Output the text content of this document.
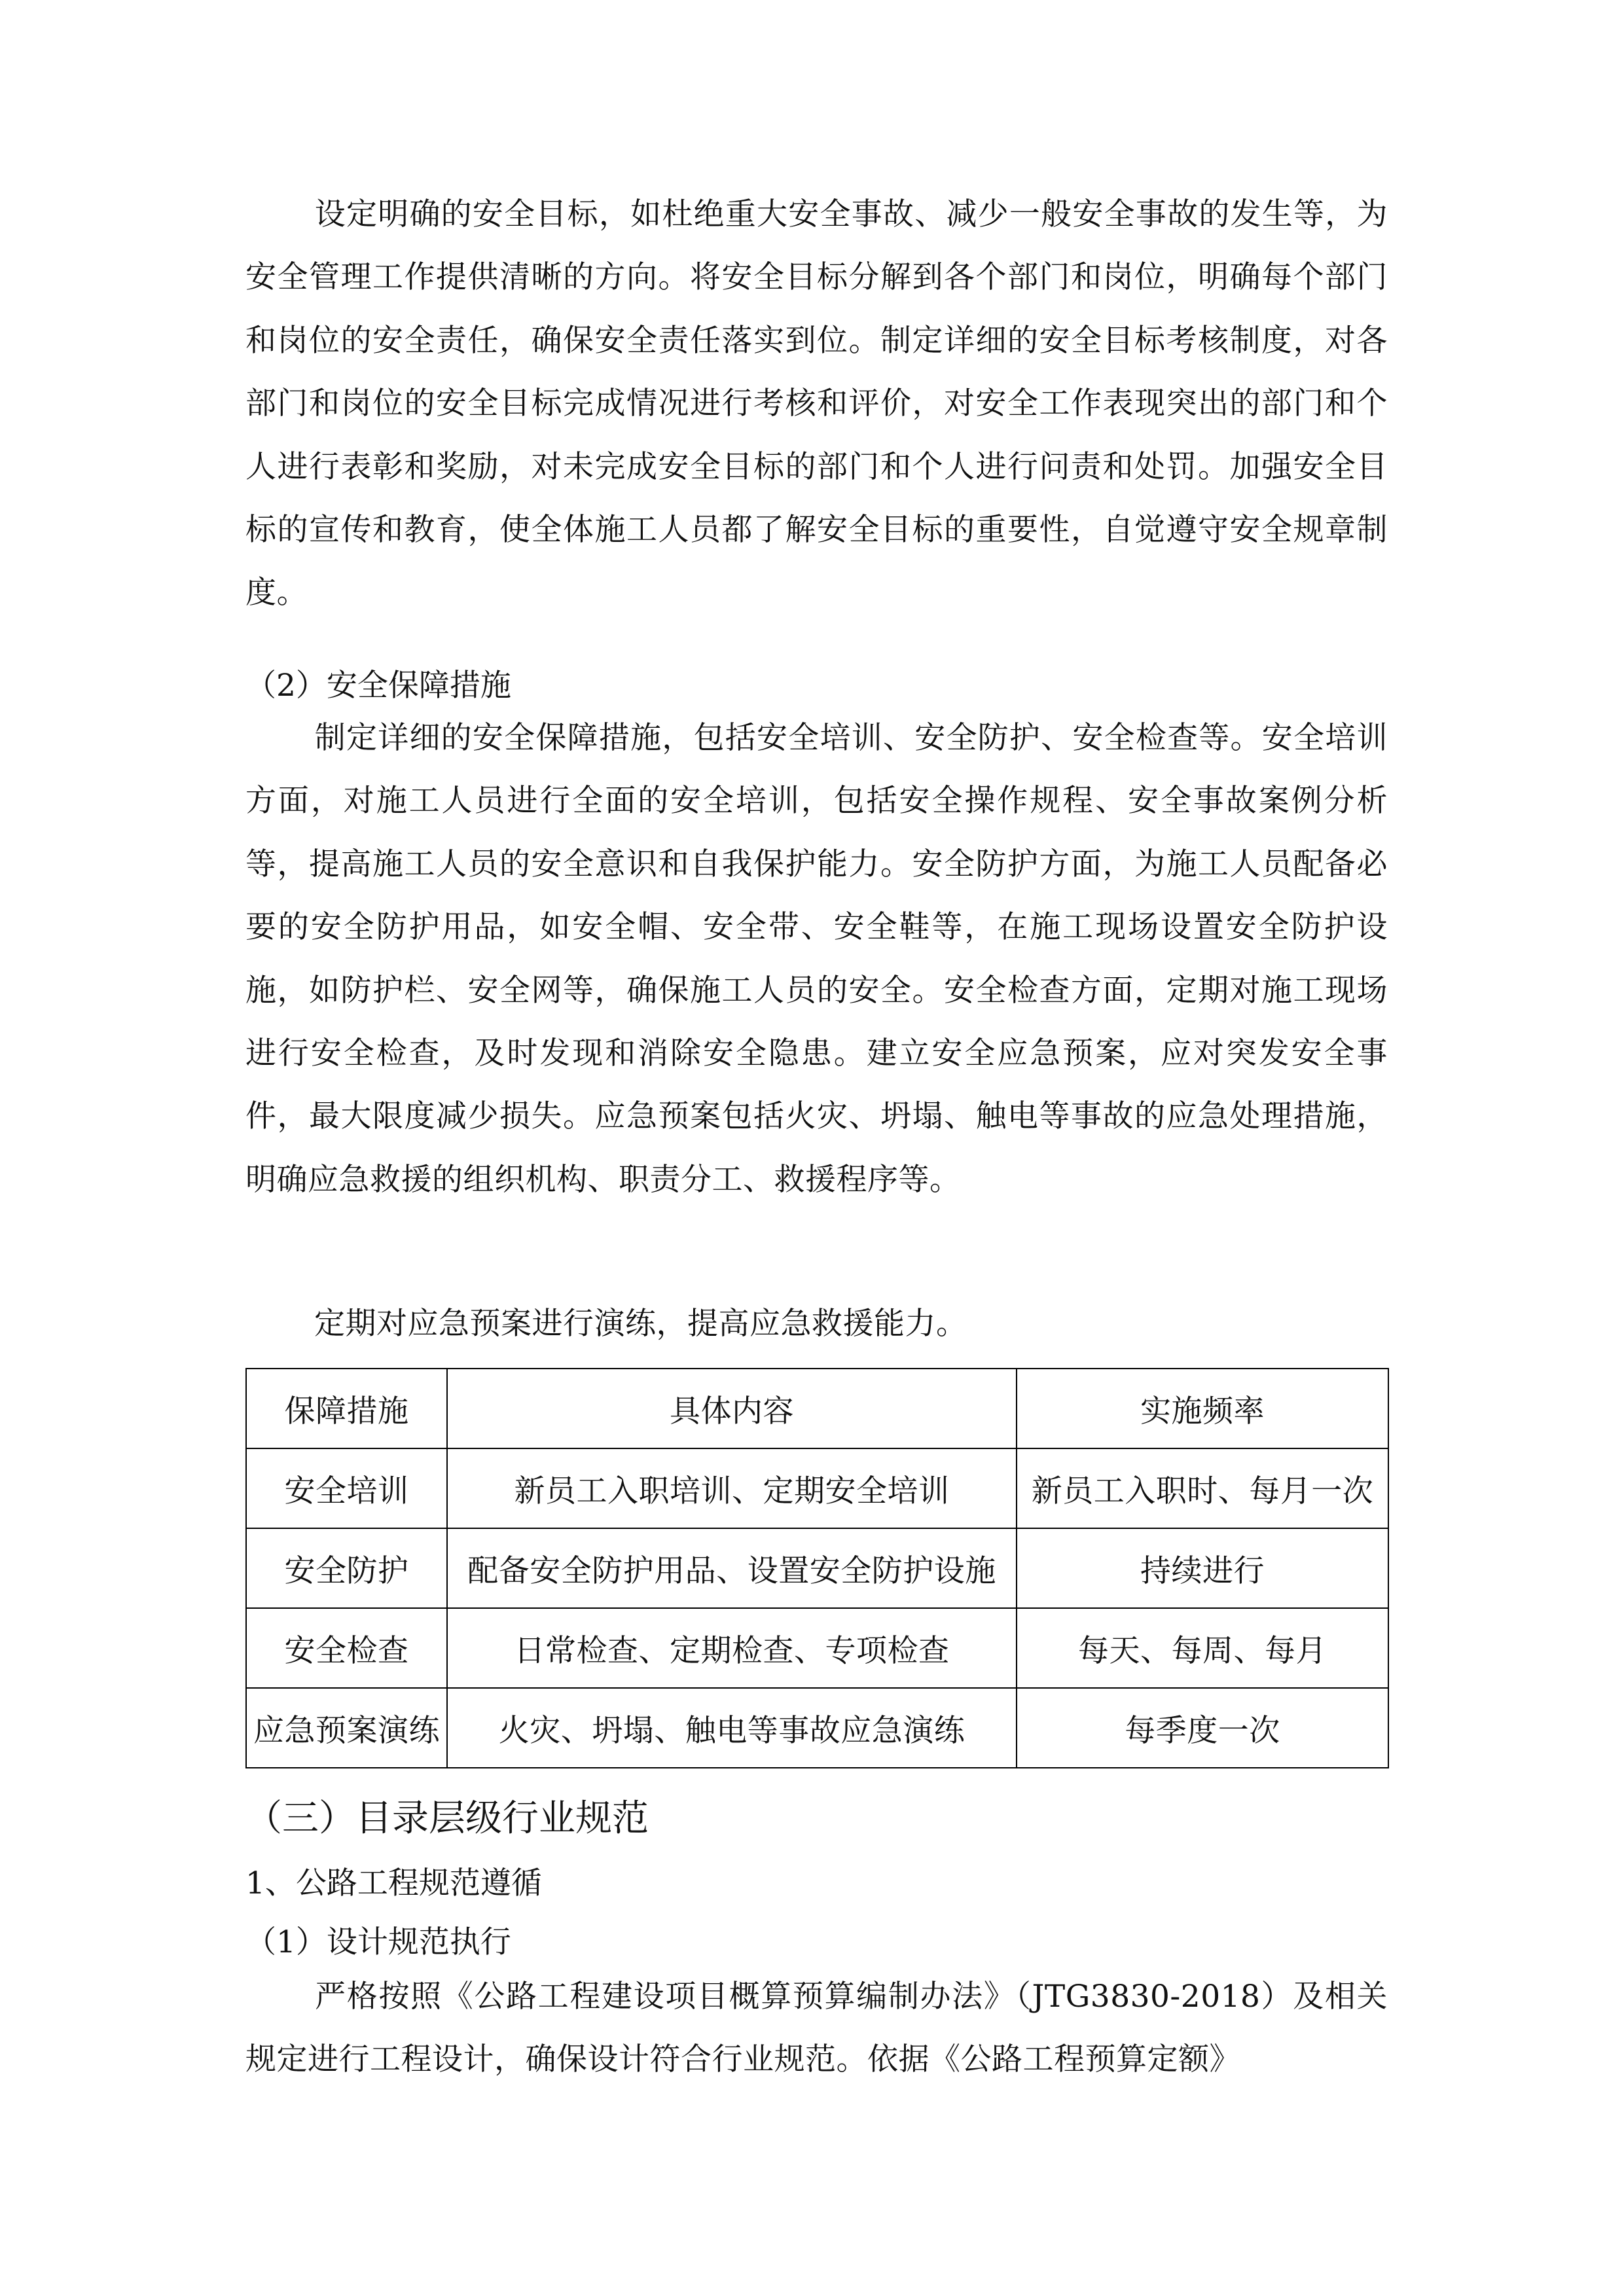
设定明确的安全目标，如杜绝重大安全事故、减少一般安全事故的发生等，为安全管理工作提供清晰的方向。将安全目标分解到各个部门和岗位，明确每个部门和岗位的安全责任，确保安全责任落实到位。制定详细的安全目标考核制度，对各部门和岗位的安全目标完成情况进行考核和评价，对安全工作表现突出的部门和个人进行表彰和奖励，对未完成安全目标的部门和个人进行问责和处罚。加强安全目标的宣传和教育，使全体施工人员都了解安全目标的重要性，自觉遵守安全规章制度。

（2）安全保障措施

制定详细的安全保障措施，包括安全培训、安全防护、安全检查等。安全培训方面，对施工人员进行全面的安全培训，包括安全操作规程、安全事故案例分析等，提高施工人员的安全意识和自我保护能力。安全防护方面，为施工人员配备必要的安全防护用品，如安全帽、安全带、安全鞋等，在施工现场设置安全防护设施，如防护栏、安全网等，确保施工人员的安全。安全检查方面，定期对施工现场进行安全检查，及时发现和消除安全隐患。建立安全应急预案，应对突发安全事件，最大限度减少损失。应急预案包括火灾、坍塌、触电等事故的应急处理措施，明确应急救援的组织机构、职责分工、救援程序等。

定期对应急预案进行演练，提高应急救援能力。

保障措施	具体内容	实施频率
安全培训	新员工入职培训、定期安全培训	新员工入职时、每月一次
安全防护	配备安全防护用品、设置安全防护设施	持续进行
安全检查	日常检查、定期检查、专项检查	每天、每周、每月
应急预案演练	火灾、坍塌、触电等事故应急演练	每季度一次

（三）目录层级行业规范

1、公路工程规范遵循

（1）设计规范执行

严格按照《公路工程建设项目概算预算编制办法》（JTG3830-2018）及相关规定进行工程设计，确保设计符合行业规范。依据《公路工程预算定额》
